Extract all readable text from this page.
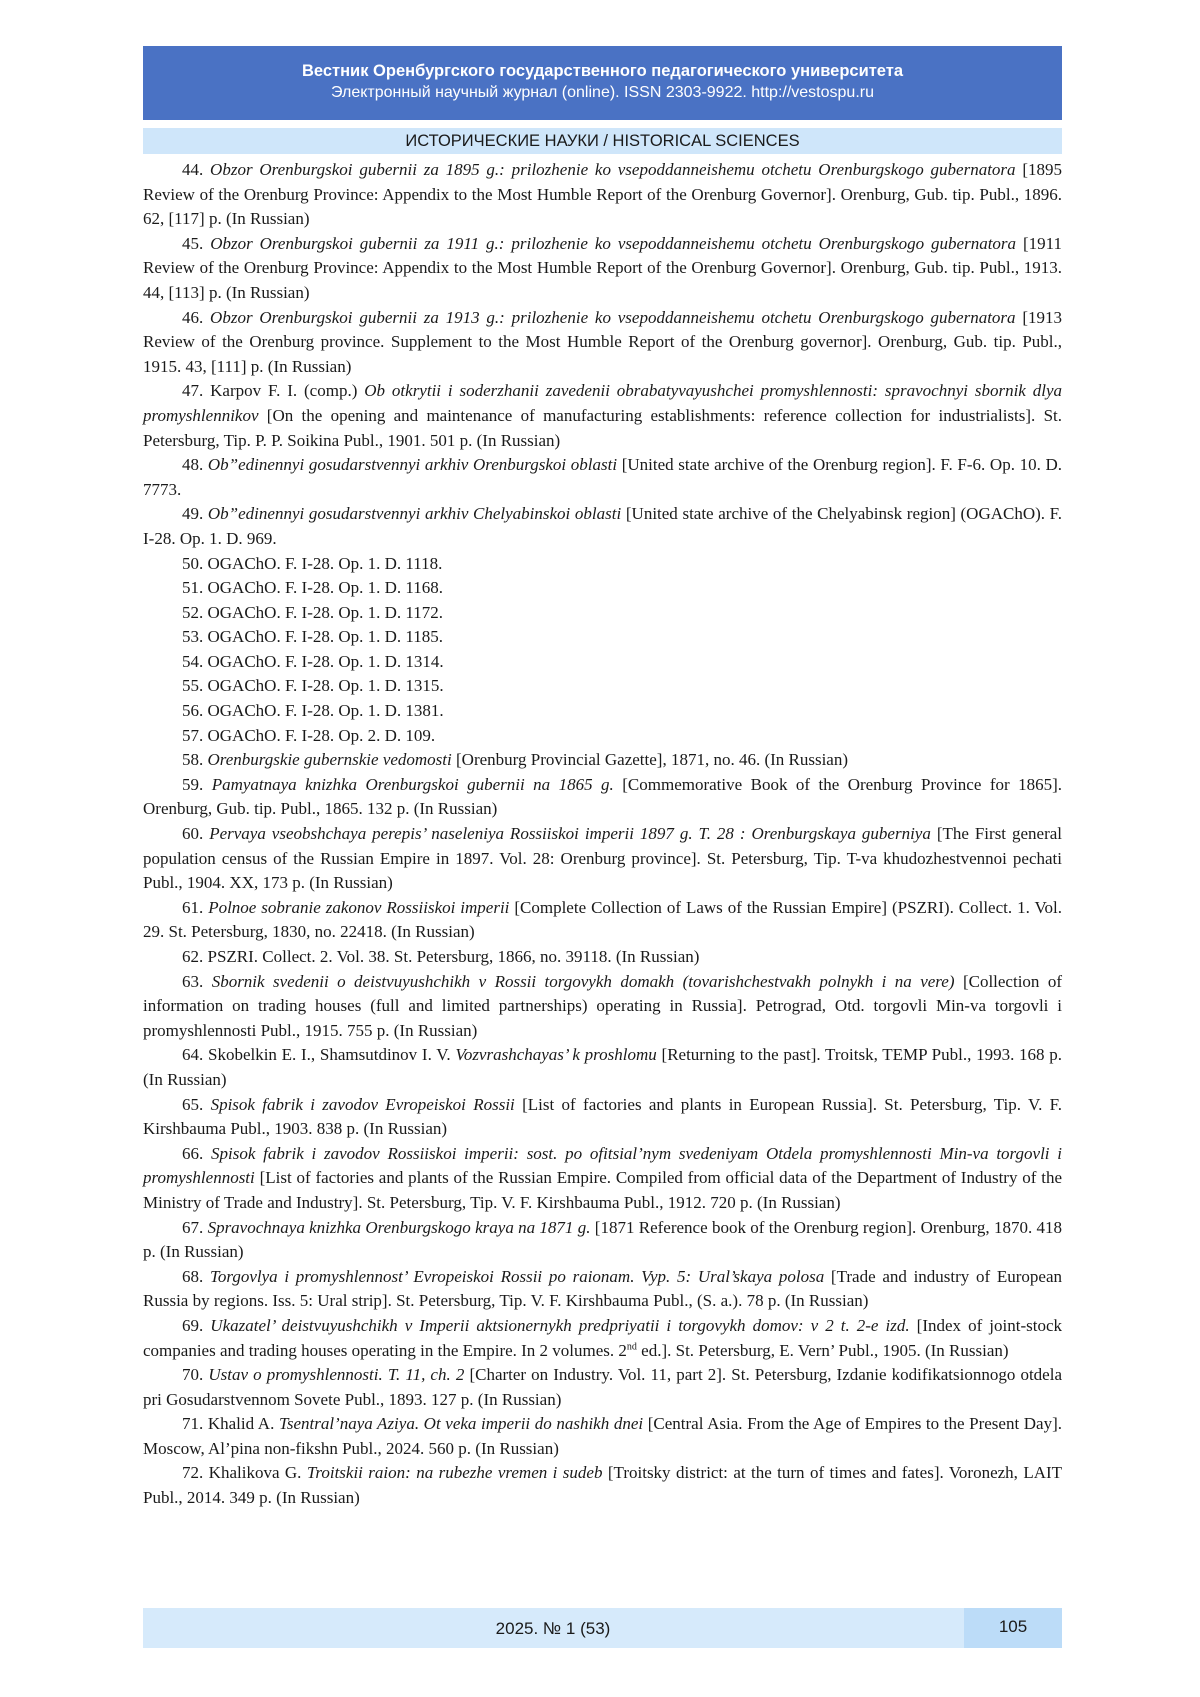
Вестник Оренбургского государственного педагогического университета
Электронный научный журнал (online). ISSN 2303-9922. http://vestospu.ru
ИСТОРИЧЕСКИЕ НАУКИ / HISTORICAL SCIENCES

44. Obzor Orenburgskoi gubernii za 1895 g.: prilozhenie ko vsepoddanneishemu otchetu Orenburgskogo gubernatora [1895 Review of the Orenburg Province: Appendix to the Most Humble Report of the Orenburg Governor]. Orenburg, Gub. tip. Publ., 1896. 62, [117] p. (In Russian)

45. Obzor Orenburgskoi gubernii za 1911 g.: prilozhenie ko vsepoddanneishemu otchetu Orenburgskogo gubernatora [1911 Review of the Orenburg Province: Appendix to the Most Humble Report of the Orenburg Governor]. Orenburg, Gub. tip. Publ., 1913. 44, [113] p. (In Russian)

46. Obzor Orenburgskoi gubernii za 1913 g.: prilozhenie ko vsepoddanneishemu otchetu Orenburgskogo gubernatora [1913 Review of the Orenburg province. Supplement to the Most Humble Report of the Orenburg governor]. Orenburg, Gub. tip. Publ., 1915. 43, [111] p. (In Russian)

47. Karpov F. I. (comp.) Ob otkrytii i soderzhanii zavedenii obrabatyvayushchei promyshlennosti: spravochnyi sbornik dlya promyshlennikov [On the opening and maintenance of manufacturing establishments: reference collection for industrialists]. St. Petersburg, Tip. P. P. Soikina Publ., 1901. 501 p. (In Russian)

48. Ob”edinennyi gosudarstvennyi arkhiv Orenburgskoi oblasti [United state archive of the Orenburg region]. F. F-6. Op. 10. D. 7773.

49. Ob”edinennyi gosudarstvennyi arkhiv Chelyabinskoi oblasti [United state archive of the Chelyabinsk region] (OGAChO). F. I-28. Op. 1. D. 969.

50. OGAChO. F. I-28. Op. 1. D. 1118.

51. OGAChO. F. I-28. Op. 1. D. 1168.

52. OGAChO. F. I-28. Op. 1. D. 1172.

53. OGAChO. F. I-28. Op. 1. D. 1185.

54. OGAChO. F. I-28. Op. 1. D. 1314.

55. OGAChO. F. I-28. Op. 1. D. 1315.

56. OGAChO. F. I-28. Op. 1. D. 1381.

57. OGAChO. F. I-28. Op. 2. D. 109.

58. Orenburgskie gubernskie vedomosti [Orenburg Provincial Gazette], 1871, no. 46. (In Russian)

59. Pamyatnaya knizhka Orenburgskoi gubernii na 1865 g. [Commemorative Book of the Orenburg Province for 1865]. Orenburg, Gub. tip. Publ., 1865. 132 p. (In Russian)

60. Pervaya vseobshchaya perepis’ naseleniya Rossiiskoi imperii 1897 g. T. 28 : Orenburgskaya guberniya [The First general population census of the Russian Empire in 1897. Vol. 28: Orenburg province]. St. Petersburg, Tip. T-va khudozhestvennoi pechati Publ., 1904. XX, 173 p. (In Russian)

61. Polnoe sobranie zakonov Rossiiskoi imperii [Complete Collection of Laws of the Russian Empire] (PSZRI). Collect. 1. Vol. 29. St. Petersburg, 1830, no. 22418. (In Russian)

62. PSZRI. Collect. 2. Vol. 38. St. Petersburg, 1866, no. 39118. (In Russian)

63. Sbornik svedenii o deistvuyushchikh v Rossii torgovykh domakh (tovarishchestvakh polnykh i na vere) [Collection of information on trading houses (full and limited partnerships) operating in Russia]. Petrograd, Otd. torgovli Min-va torgovli i promyshlennosti Publ., 1915. 755 p. (In Russian)

64. Skobelkin E. I., Shamsutdinov I. V. Vozvrashchayas’ k proshlomu [Returning to the past]. Troitsk, TEMP Publ., 1993. 168 p. (In Russian)

65. Spisok fabrik i zavodov Evropeiskoi Rossii [List of factories and plants in European Russia]. St. Petersburg, Tip. V. F. Kirshbauma Publ., 1903. 838 p. (In Russian)

66. Spisok fabrik i zavodov Rossiiskoi imperii: sost. po ofitsial’nym svedeniyam Otdela promyshlennosti Min-va torgovli i promyshlennosti [List of factories and plants of the Russian Empire. Compiled from official data of the Department of Industry of the Ministry of Trade and Industry]. St. Petersburg, Tip. V. F. Kirshbauma Publ., 1912. 720 p. (In Russian)

67. Spravochnaya knizhka Orenburgskogo kraya na 1871 g. [1871 Reference book of the Orenburg region]. Orenburg, 1870. 418 p. (In Russian)

68. Torgovlya i promyshlennost’ Evropeiskoi Rossii po raionam. Vyp. 5: Ural’skaya polosa [Trade and industry of European Russia by regions. Iss. 5: Ural strip]. St. Petersburg, Tip. V. F. Kirshbauma Publ., (S. a.). 78 p. (In Russian)

69. Ukazatel’ deistvuyushchikh v Imperii aktsionernykh predpriyatii i torgovykh domov: v 2 t. 2-e izd. [Index of joint-stock companies and trading houses operating in the Empire. In 2 volumes. 2nd ed.]. St. Petersburg, E. Vern’ Publ., 1905. (In Russian)

70. Ustav o promyshlennosti. T. 11, ch. 2 [Charter on Industry. Vol. 11, part 2]. St. Petersburg, Izdanie kodifikatsionnogo otdela pri Gosudarstvennom Sovete Publ., 1893. 127 p. (In Russian)

71. Khalid A. Tsentral’naya Aziya. Ot veka imperii do nashikh dnei [Central Asia. From the Age of Empires to the Present Day]. Moscow, Al’pina non-fikshn Publ., 2024. 560 p. (In Russian)

72. Khalikova G. Troitskii raion: na rubezhe vremen i sudeb [Troitsky district: at the turn of times and fates]. Voronezh, LAIT Publ., 2014. 349 p. (In Russian)

2025. № 1 (53)	105
